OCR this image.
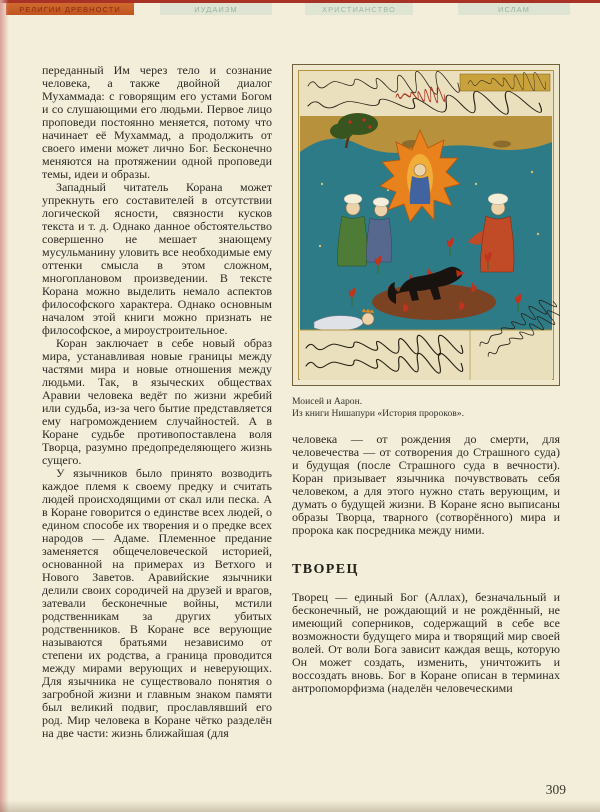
РЕЛИГИИ ДРЕВНОСТИ	ИУДАИЗМ	ХРИСТИАНСТВО	ИСЛАМ

переданный Им через тело и сознание человека, а также двойной диалог Мухаммада: с говорящим его устами Богом и со слушающими его людьми. Первое лицо проповеди постоянно меняется, потому что начинает её Мухаммад, а продолжить от своего имени может лично Бог. Бесконечно меняются на протяжении одной проповеди темы, идеи и образы.

Западный читатель Корана может упрекнуть его составителей в отсутствии логической ясности, связности кусков текста и т. д. Однако данное обстоятельство совершенно не мешает знающему мусульманину уловить все необходимые ему оттенки смысла в этом сложном, многоплановом произведении. В тексте Корана можно выделить немало аспектов философского характера. Однако основным началом этой книги можно признать не философское, а мироустроительное.

Коран заключает в себе новый образ мира, устанавливая новые границы между частями мира и новые отношения между людьми. Так, в языческих обществах Аравии человека ведёт по жизни жребий или судьба, из-за чего бытие представляется ему нагромождением случайностей. А в Коране судьбе противопоставлена воля Творца, разумно предопределяющего жизнь сущего.

У язычников было принято возводить каждое племя к своему предку и считать людей происходящими от скал или песка. А в Коране говорится о единстве всех людей, о едином способе их творения и о предке всех народов — Адаме. Племенное предание заменяется общечеловеческой историей, основанной на примерах из Ветхого и Нового Заветов. Аравийские язычники делили своих сородичей на друзей и врагов, затевали бесконечные войны, мстили родственникам за других убитых родственников. В Коране все верующие называются братьями независимо от степени их родства, а граница проводится между мирами верующих и неверующих. Для язычника не существовало понятия о загробной жизни и главным знаком памяти был великий подвиг, прославлявший его род. Мир человека в Коране чётко разделён на две части: жизнь ближайшая (для

Моисей и Аарон.
Из книги Нишапури «История пророков».

человека — от рождения до смерти, для человечества — от сотворения до Страшного суда) и будущая (после Страшного суда в вечности). Коран призывает язычника почувствовать себя человеком, а для этого нужно стать верующим, и думать о будущей жизни. В Коране ясно выписаны образы Творца, тварного (сотворённого) мира и пророка как посредника между ними.

ТВОРЕЦ

Творец — единый Бог (Аллах), безначальный и бесконечный, не рождающий и не рождённый, не имеющий соперников, содержащий в себе все возможности будущего мира и творящий мир своей волей. От воли Бога зависит каждая вещь, которую Он может создать, изменить, уничтожить и воссоздать вновь. Бог в Коране описан в терминах антропоморфизма (наделён человеческими

309
